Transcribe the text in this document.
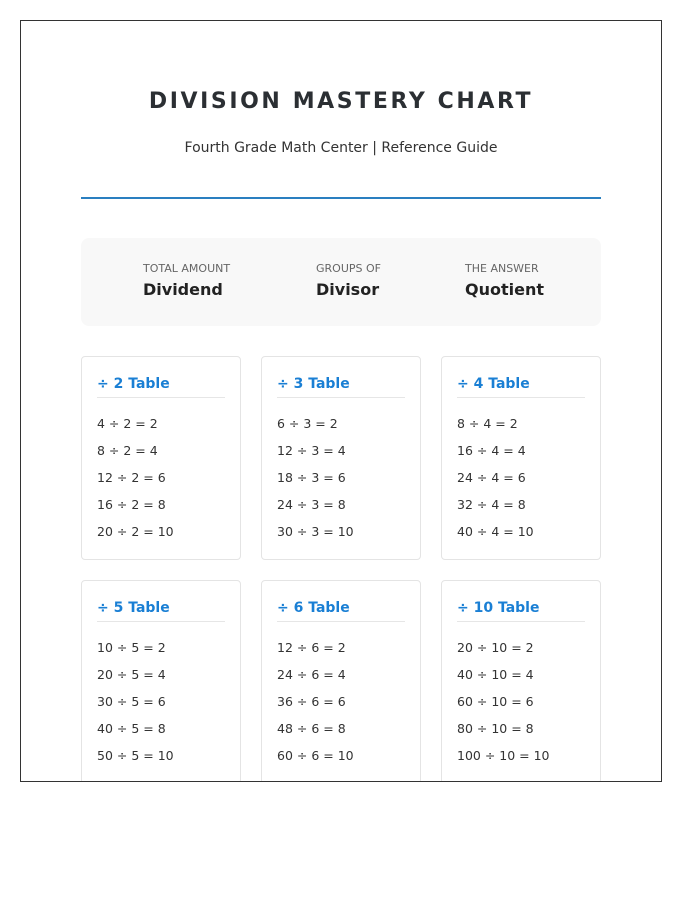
DIVISION MASTERY CHART
Fourth Grade Math Center | Reference Guide
TOTAL AMOUNT
Dividend
GROUPS OF
Divisor
THE ANSWER
Quotient
÷ 2 Table
4 ÷ 2 = 2
8 ÷ 2 = 4
12 ÷ 2 = 6
16 ÷ 2 = 8
20 ÷ 2 = 10
÷ 3 Table
6 ÷ 3 = 2
12 ÷ 3 = 4
18 ÷ 3 = 6
24 ÷ 3 = 8
30 ÷ 3 = 10
÷ 4 Table
8 ÷ 4 = 2
16 ÷ 4 = 4
24 ÷ 4 = 6
32 ÷ 4 = 8
40 ÷ 4 = 10
÷ 5 Table
10 ÷ 5 = 2
20 ÷ 5 = 4
30 ÷ 5 = 6
40 ÷ 5 = 8
50 ÷ 5 = 10
÷ 6 Table
12 ÷ 6 = 2
24 ÷ 6 = 4
36 ÷ 6 = 6
48 ÷ 6 = 8
60 ÷ 6 = 10
÷ 10 Table
20 ÷ 10 = 2
40 ÷ 10 = 4
60 ÷ 10 = 6
80 ÷ 10 = 8
100 ÷ 10 = 10
